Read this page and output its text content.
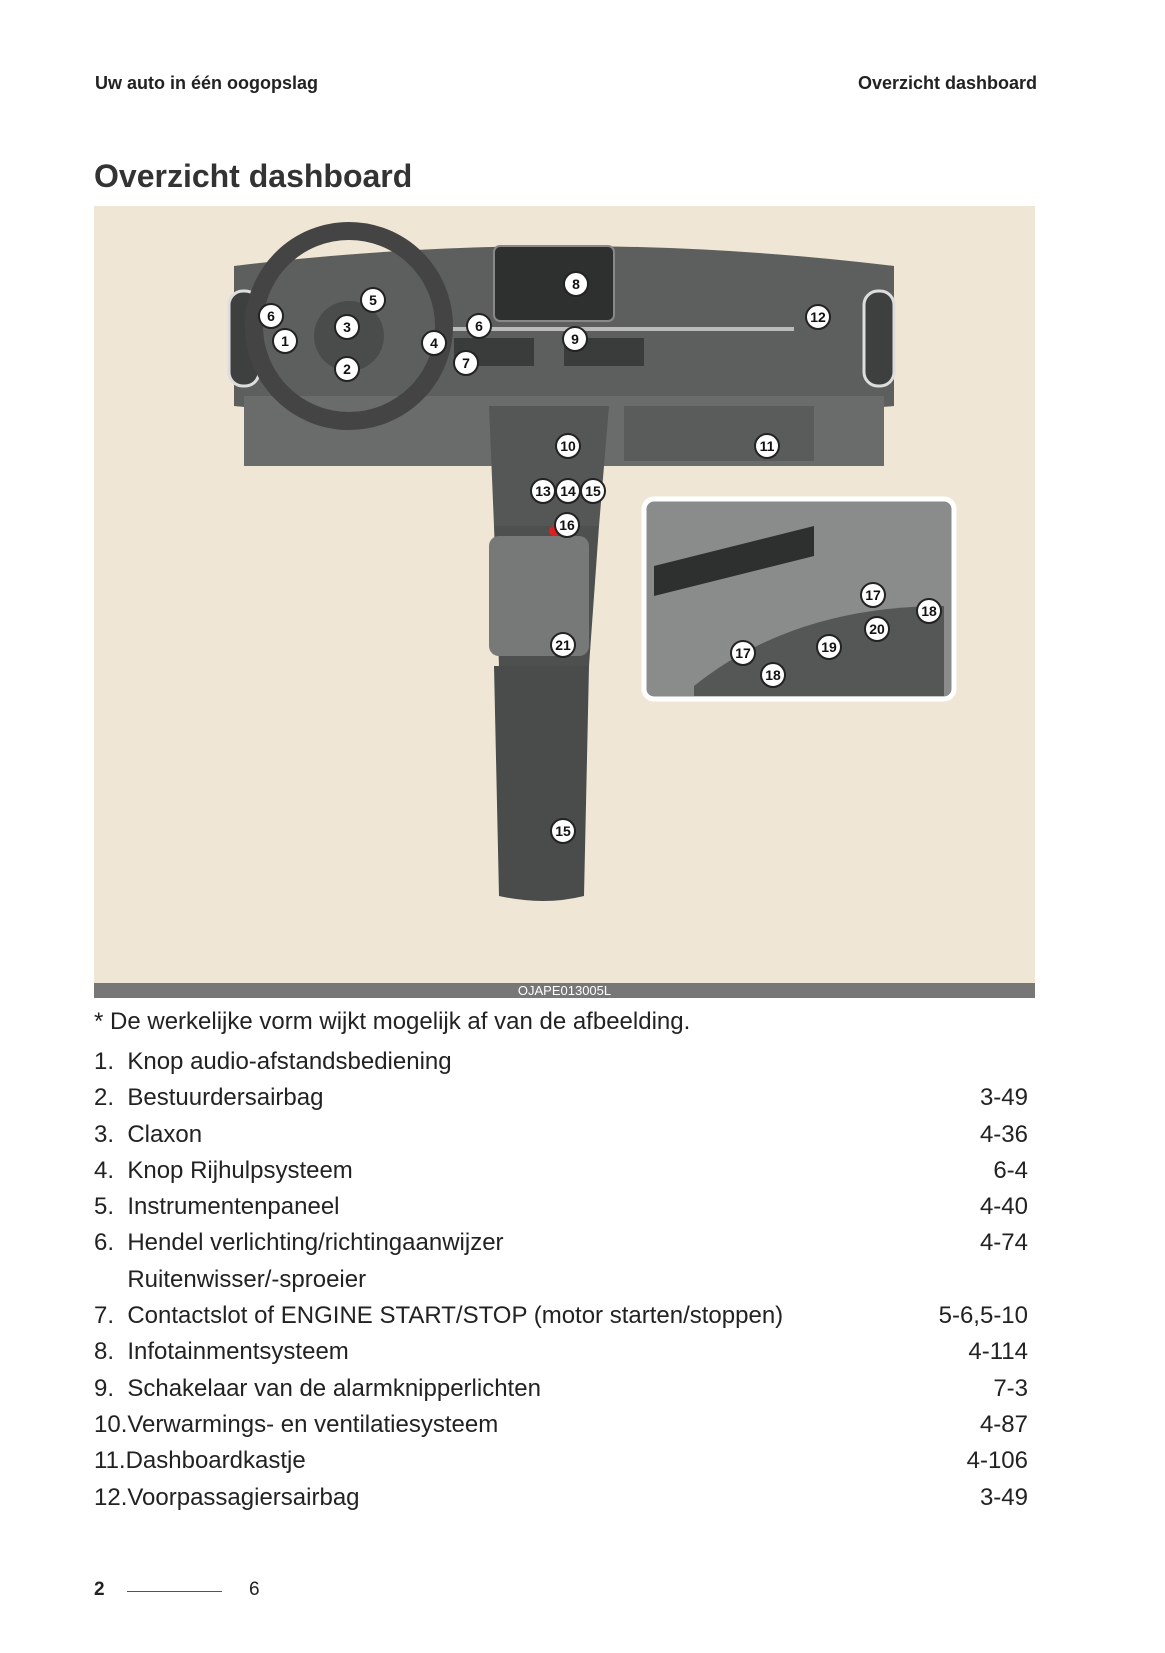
Uw auto in één oogopslag	Overzicht dashboard
Overzicht dashboard
6
1
5
3
2
4
7
6
8
9
12
10	11
13 14 15
16
21
15
17
18
19
20
17
18
OJAPE013005L
* De werkelijke vorm wijkt mogelijk af van de afbeelding.
1.  Knop audio-afstandsbediening
2.  Bestuurdersairbag	3-49
3.  Claxon	4-36
4.  Knop Rijhulpsysteem	6-4
5.  Instrumentenpaneel	4-40
6.  Hendel verlichting/richtingaanwijzer	4-74
Ruitenwisser/-sproeier
7.  Contactslot of ENGINE START/STOP (motor starten/stoppen)	5-6,5-10
8.  Infotainmentsysteem	4-114
9.  Schakelaar van de alarmknipperlichten	7-3
10.Verwarmings- en ventilatiesysteem	4-87
11.Dashboardkastje	4-106
12.Voorpassagiersairbag	3-49
2	6
